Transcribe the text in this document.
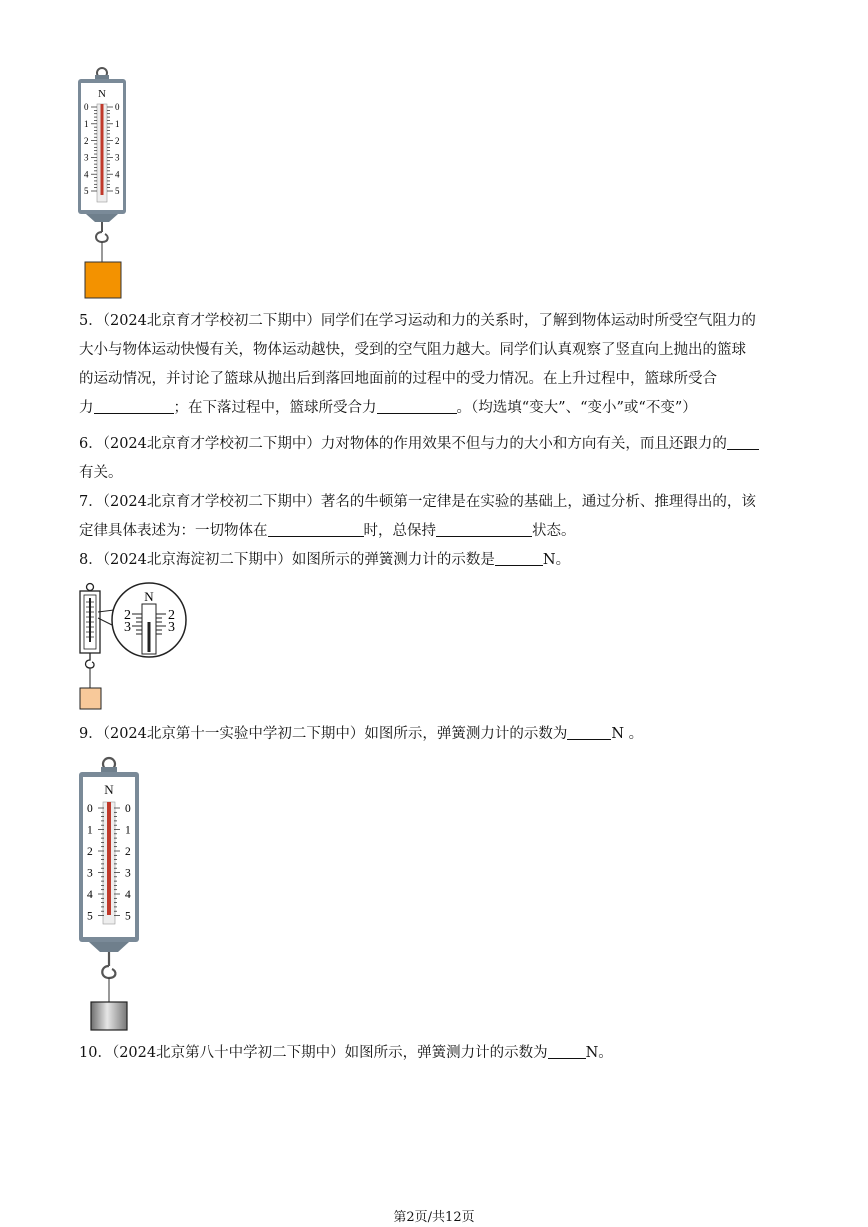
N
0	0
1	1
2	2
3	3
4	4
5	5

5．（2024北京育才学校初二下期中）同学们在学习运动和力的关系时，了解到物体运动时所受空气阻力的
大小与物体运动快慢有关，物体运动越快，受到的空气阻力越大。同学们认真观察了竖直向上抛出的篮球
的运动情况，并讨论了篮球从抛出后到落回地面前的过程中的受力情况。在上升过程中，篮球所受合
力	；在下落过程中，篮球所受合力	。（均选填“变大”、“变小”或“不变”）

6．（2024北京育才学校初二下期中）力对物体的作用效果不但与力的大小和方向有关，而且还跟力的
有关。

7．（2024北京育才学校初二下期中）著名的牛顿第一定律是在实验的基础上，通过分析、推理得出的，该
定律具体表述为：一切物体在	时，总保持	状态。

8．（2024北京海淀初二下期中）如图所示的弹簧测力计的示数是	N。

N
2	2
3	3

9．（2024北京第十一实验中学初二下期中）如图所示，弹簧测力计的示数为	N 。

N
0	0
1	1
2	2
3	3
4	4
5	5

10．（2024北京第八十中学初二下期中）如图所示，弹簧测力计的示数为	N。

第2页/共12页
